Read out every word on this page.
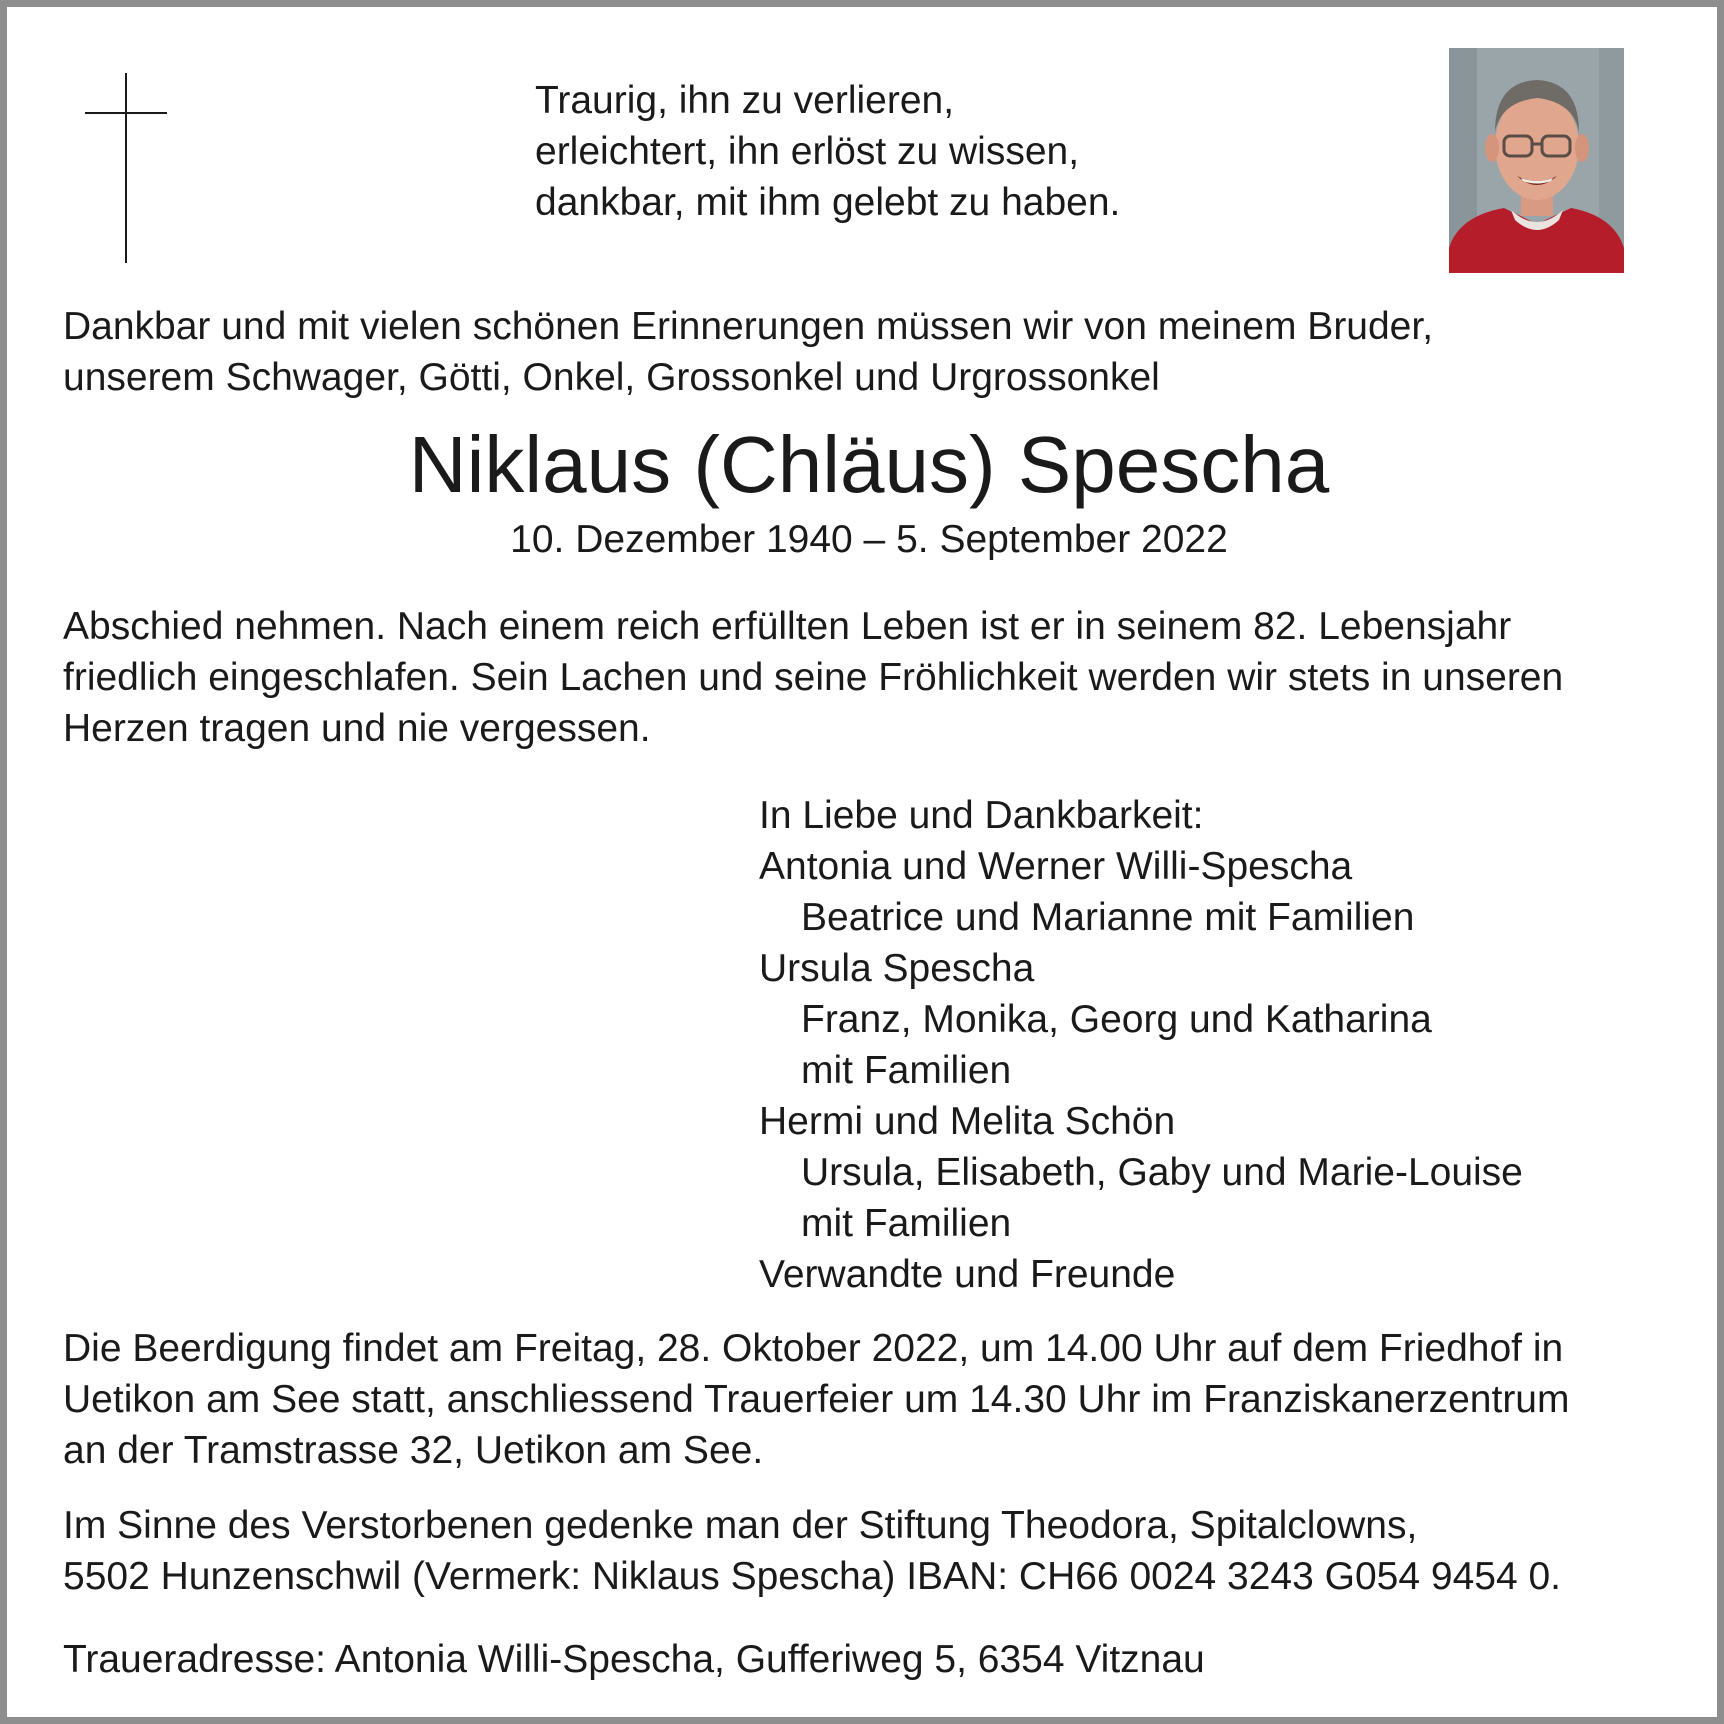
Traurig, ihn zu verlieren,
erleichtert, ihn erlöst zu wissen,
dankbar, mit ihm gelebt zu haben.
Dankbar und mit vielen schönen Erinnerungen müssen wir von meinem Bruder,
unserem Schwager, Götti, Onkel, Grossonkel und Urgrossonkel
Niklaus (Chläus) Spescha
10. Dezember 1940 – 5. September 2022
Abschied nehmen. Nach einem reich erfüllten Leben ist er in seinem 82. Lebensjahr
friedlich eingeschlafen. Sein Lachen und seine Fröhlichkeit werden wir stets in unseren
Herzen tragen und nie vergessen.
In Liebe und Dankbarkeit:
Antonia und Werner Willi-Spescha
Beatrice und Marianne mit Familien
Ursula Spescha
Franz, Monika, Georg und Katharina
mit Familien
Hermi und Melita Schön
Ursula, Elisabeth, Gaby und Marie-Louise
mit Familien
Verwandte und Freunde
Die Beerdigung findet am Freitag, 28. Oktober 2022, um 14.00 Uhr auf dem Friedhof in
Uetikon am See statt, anschliessend Trauerfeier um 14.30 Uhr im Franziskanerzentrum
an der Tramstrasse 32, Uetikon am See.
Im Sinne des Verstorbenen gedenke man der Stiftung Theodora, Spitalclowns,
5502 Hunzenschwil (Vermerk: Niklaus Spescha) IBAN: CH66 0024 3243 G054 9454 0.
Traueradresse: Antonia Willi-Spescha, Gufferiweg 5, 6354 Vitznau
